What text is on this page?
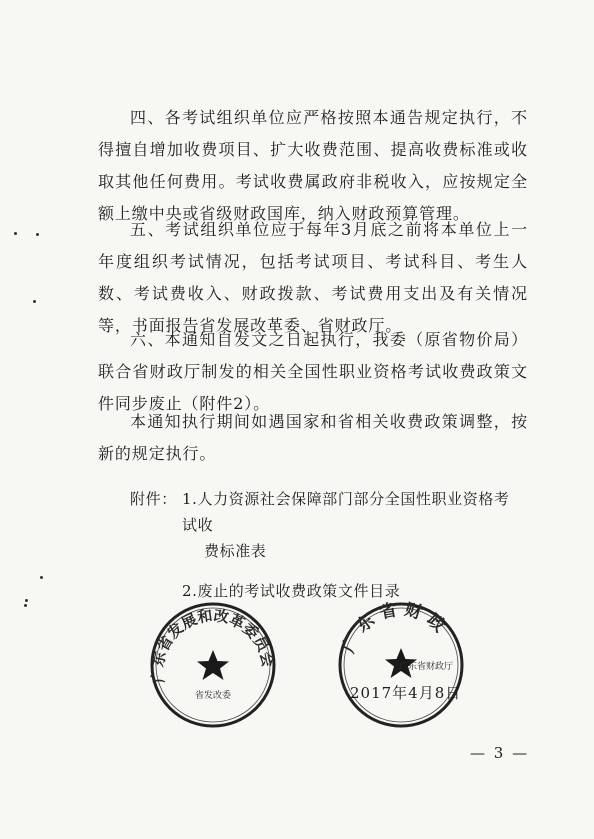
四、各考试组织单位应严格按照本通告规定执行，不得擅自增加收费项目、扩大收费范围、提高收费标准或收取其他任何费用。考试收费属政府非税收入，应按规定全额上缴中央或省级财政国库，纳入财政预算管理。

五、考试组织单位应于每年3月底之前将本单位上一年度组织考试情况，包括考试项目、考试科目、考生人数、考试费收入、财政拨款、考试费用支出及有关情况等，书面报告省发展改革委、省财政厅。

六、本通知自发文之日起执行，我委（原省物价局）联合省财政厅制发的相关全国性职业资格考试收费政策文件同步废止（附件2）。

本通知执行期间如遇国家和省相关收费政策调整，按新的规定执行。

附件： 1.人力资源社会保障部门部分全国性职业资格考试收
费标准表
2.废止的考试收费政策文件目录
广东省发展和改革委员会
省发改委
广东省财政
广东省财政厅
2017年4月8日
— 3 —
